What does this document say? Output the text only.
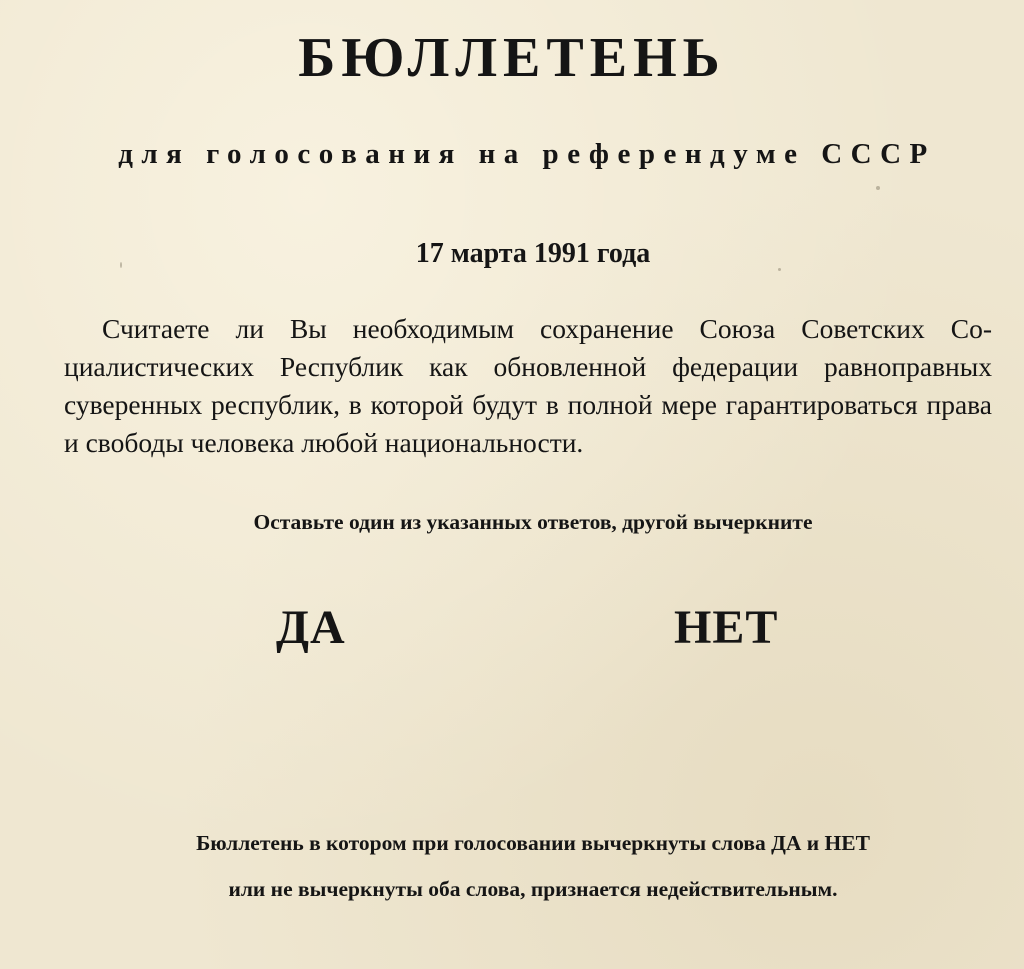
БЮЛЛЕТЕНЬ
для голосования на референдуме СССР
17 марта 1991 года
Считаете ли Вы необходимым сохранение Союза Советских Социалистических Республик как обновленной федерации равноправных суверенных республик, в которой будут в полной мере гарантироваться права и свободы человека любой национальности.
Оставьте один из указанных ответов, другой вычеркните
ДА	НЕТ
Бюллетень в котором при голосовании вычеркнуты слова ДА и НЕТ
или не вычеркнуты оба слова, признается недействительным.
